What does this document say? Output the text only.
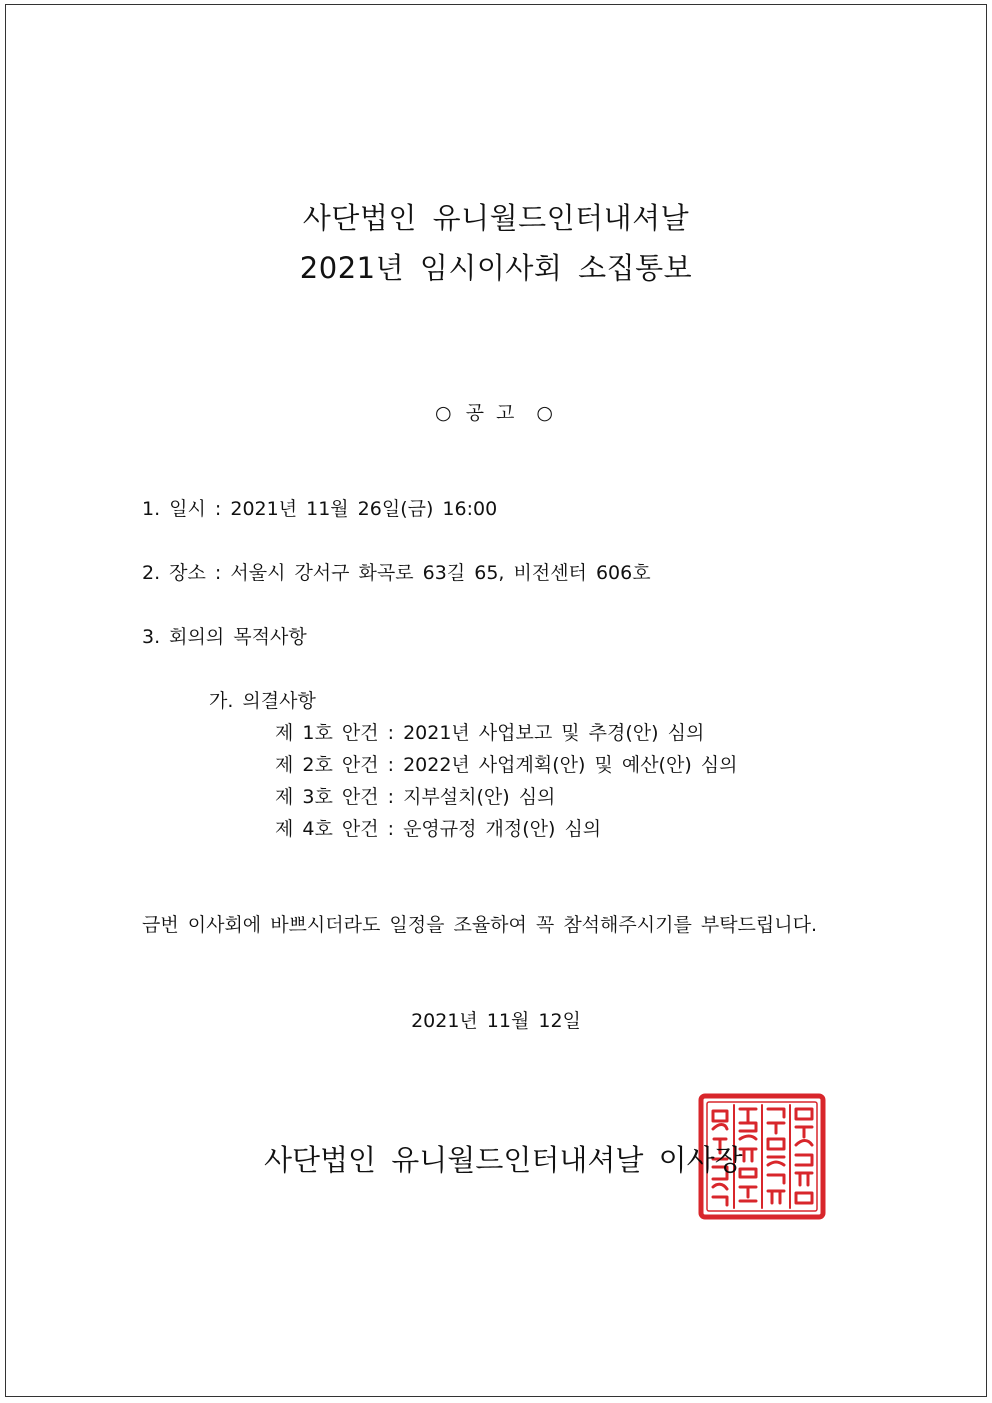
사단법인 유니월드인터내셔날
2021년 임시이사회 소집통보
○ 공고 ○
1. 일시 : 2021년 11월 26일(금) 16:00
2. 장소 : 서울시 강서구 화곡로 63길 65, 비전센터 606호
3. 회의의 목적사항
가. 의결사항
제 1호 안건 : 2021년 사업보고 및 추경(안) 심의
제 2호 안건 : 2022년 사업계획(안) 및 예산(안) 심의
제 3호 안건 : 지부설치(안) 심의
제 4호 안건 : 운영규정 개정(안) 심의
금번 이사회에 바쁘시더라도 일정을 조율하여 꼭 참석해주시기를 부탁드립니다.
2021년 11월 12일
사단법인 유니월드인터내셔날 이사장
